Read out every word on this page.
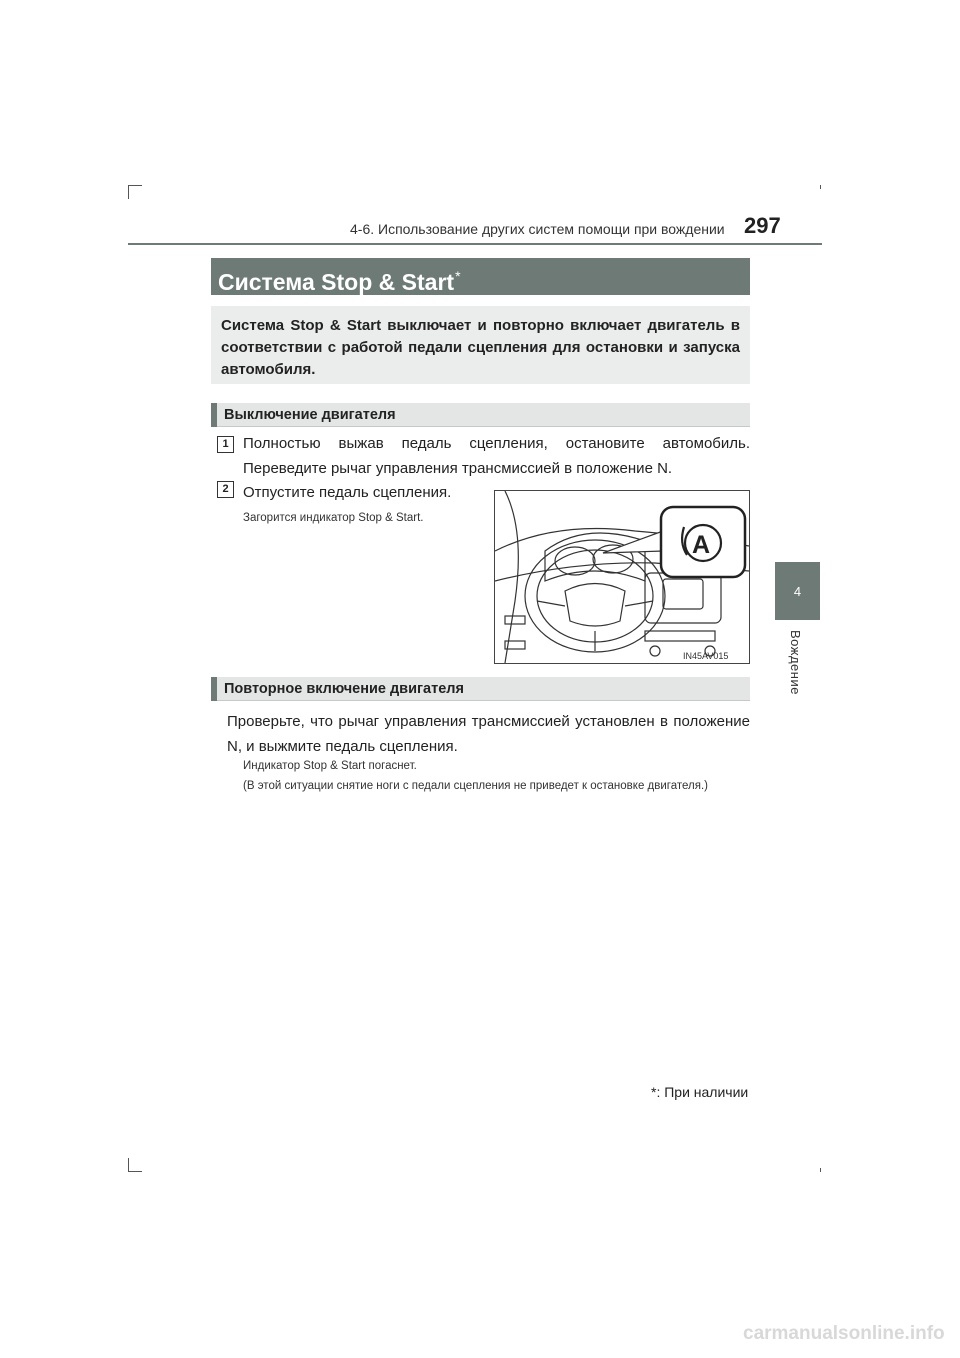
4-6. Использование других систем помощи при вождении 297
4
Вождение
Система Stop & Start*
Система Stop & Start выключает и повторно включает двигатель в соответствии с работой педали сцепления для остановки и запуска автомобиля.
Выключение двигателя
1 Полностью выжав педаль сцепления, остановите автомобиль. Переведите рычаг управления трансмиссией в положение N.
2 Отпустите педаль сцепления.
Загорится индикатор Stop & Start.
A
IN45AV015
Повторное включение двигателя
Проверьте, что рычаг управления трансмиссией установлен в положение N, и выжмите педаль сцепления.
Индикатор Stop & Start погаснет.
(В этой ситуации снятие ноги с педали сцепления не приведет к остановке двигателя.)
*: При наличии
carmanualsonline.info
